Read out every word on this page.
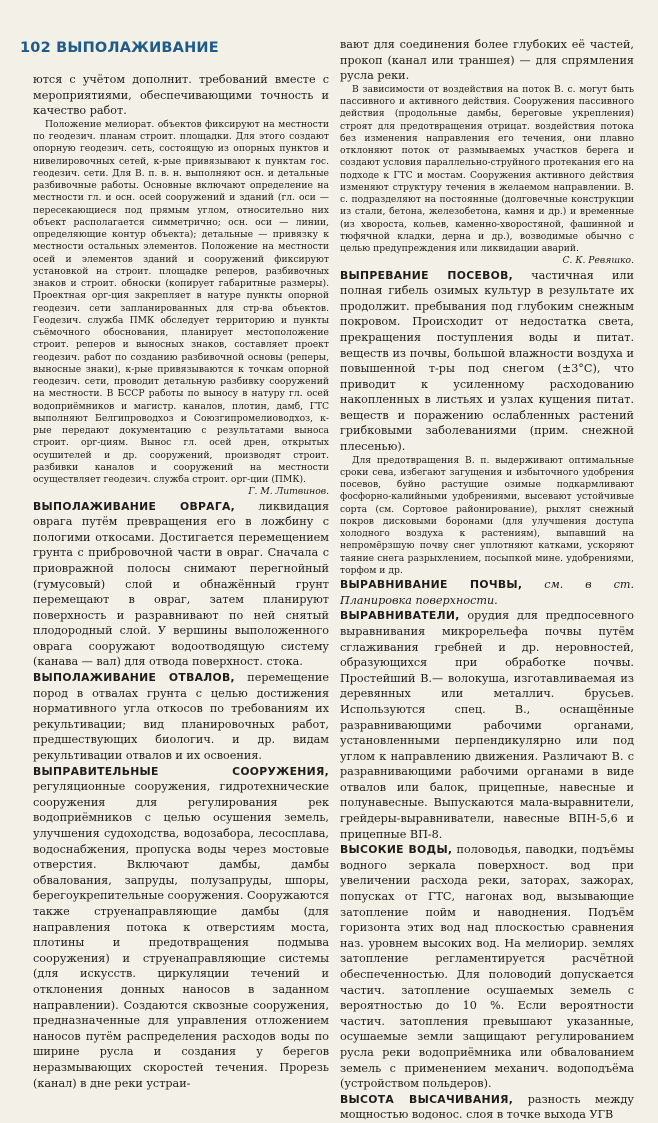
102 ВЫПОЛАЖИВАНИЕ

ются с учётом дополнит. требований вместе с мероприятиями, обеспечивающими точность и качество работ.

Положение мелиорат. объектов фиксируют на местности по геодезич. планам строит. площадки. Для этого создают опорную геодезич. сеть, состоящую из опорных пунктов и нивелировочных сетей, к-рые привязывают к пунктам гос. геодезич. сети. Для В. п. в. н. выполняют осн. и детальные разбивочные работы. Основные включают определение на местности гл. и осн. осей сооружений и зданий (гл. оси — пересекающиеся под прямым углом, относительно них объект располагается симметрично; осн. оси — линии, определяющие контур объекта); детальные — привязку к местности остальных элементов. Положение на местности осей и элементов зданий и сооружений фиксируют установкой на строит. площадке реперов, разбивочных знаков и строит. обноски (копирует габаритные размеры). Проектная орг-ция закрепляет в натуре пункты опорной геодезич. сети запланированных для стр-ва объектов. Геодезич. служба ПМК обследует территорию и пункты съёмочного обоснования, планирует местоположение строит. реперов и выносных знаков, составляет проект геодезич. работ по созданию разбивочной основы (реперы, выносные знаки), к-рые привязываются к точкам опорной геодезич. сети, проводит детальную разбивку сооружений на местности. В БССР работы по выносу в натуру гл. осей водоприёмников и магистр. каналов, плотин, дамб, ГТС выполняют Белгипроводхоз и Союзгипромелиоводхоз, к-рые передают документацию с результатами выноса строит. орг-циям. Вынос гл. осей дрен, открытых осушителей и др. сооружений, производят строит. разбивки каналов и сооружений на местности осуществляет геодезич. служба строит. орг-ции (ПМК).

Г. М. Литвинов.

ВЫПОЛАЖИВАНИЕ ОВРАГА, ликвидация оврага путём превращения его в ложбину с пологими откосами. Достигается перемещением грунта с прибровочной части в овраг. Сначала с приовражной полосы снимают перегнойный (гумусовый) слой и обнажённый грунт перемещают в овраг, затем планируют поверхность и разравнивают по ней снятый плодородный слой. У вершины выположенного оврага сооружают водоотводящую систему (канава — вал) для отвода поверхност. стока.

ВЫПОЛАЖИВАНИЕ ОТВАЛОВ, перемещение пород в отвалах грунта с целью достижения нормативного угла откосов по требованиям их рекультивации; вид планировочных работ, предшествующих биологич. и др. видам рекультивации отвалов и их освоения.

ВЫПРАВИТЕЛЬНЫЕ СООРУЖЕНИЯ, регуляционные сооружения, гидротехнические сооружения для регулирования рек водоприёмников с целью осушения земель, улучшения судоходства, водозабора, лесосплава, водоснабжения, пропуска воды через мостовые отверстия. Включают дамбы, дамбы обвалования, запруды, полузапруды, шпоры, берегоукрепительные сооружения. Сооружаются также струенаправляющие дамбы (для направления потока к отверстиям моста, плотины и предотвращения подмыва сооружения) и струенаправляющие системы (для искусств. циркуляции течений и отклонения донных наносов в заданном направлении). Создаются сквозные сооружения, предназначенные для управления отложением наносов путём распределения расходов воды по ширине русла и создания у берегов неразмывающих скоростей течения. Прорезь (канал) в дне реки устраи-

вают для соединения более глубоких её частей, прокоп (канал или траншея) — для спрямления русла реки.

В зависимости от воздействия на поток В. с. могут быть пассивного и активного действия. Сооружения пассивного действия (продольные дамбы, береговые укрепления) строят для предотвращения отрицат. воздействия потока без изменения направления его течения, они плавно отклоняют поток от размываемых участков берега и создают условия параллельно-струйного протекания его на подходе к ГТС и мостам. Сооружения активного действия изменяют структуру течения в желаемом направлении. В. с. подразделяют на постоянные (долговечные конструкции из стали, бетона, железобетона, камня и др.) и временные (из хвороста, кольев, каменно-хворостяной, фашинной и тюфячной кладки, дерна и др.), возводимые обычно с целью предупреждения или ликвидации аварий.

С. К. Ревяшко.

ВЫПРЕВАНИЕ ПОСЕВОВ, частичная или полная гибель озимых культур в результате их продолжит. пребывания под глубоким снежным покровом. Происходит от недостатка света, прекращения поступления воды и питат. веществ из почвы, большой влажности воздуха и повышенной т-ры под снегом (±3°С), что приводит к усиленному расходованию накопленных в листьях и узлах кущения питат. веществ и поражению ослабленных растений грибковыми заболеваниями (прим. снежной плесенью).

Для предотвращения В. п. выдерживают оптимальные сроки сева, избегают загущения и избыточного удобрения посевов, буйно растущие озимые подкармливают фосфорно-калийными удобрениями, высевают устойчивые сорта (см. Сортовое районирование), рыхлят снежный покров дисковыми боронами (для улучшения доступа холодного воздуха к растениям), выпавший на непромёрзшую почву снег уплотняют катками, ускоряют таяние снега разрыхлением, посыпкой мине. удобрениями, торфом и др.

ВЫРАВНИВАНИЕ ПОЧВЫ, см. в ст. Планировка поверхности.

ВЫРАВНИВАТЕЛИ, орудия для предпосевного выравнивания микрорельефа почвы путём сглаживания гребней и др. неровностей, образующихся при обработке почвы. Простейший В.— волокуша, изготавливаемая из деревянных или металлич. брусьев. Используются спец. В., оснащённые разравнивающими рабочими органами, установленными перпендикулярно или под углом к направлению движения. Различают В. с разравнивающими рабочими органами в виде отвалов или балок, прицепные, навесные и полунавесные. Выпускаются мала-выравнители, грейдеры-выравниватели, навесные ВПН-5,6 и прицепные ВП-8.

ВЫСОКИЕ ВОДЫ, половодья, паводки, подъёмы водного зеркала поверхност. вод при увеличении расхода реки, заторах, зажорах, попусках от ГТС, нагонах вод, вызывающие затопление пойм и наводнения. Подъём горизонта этих вод над плоскостью сравнения наз. уровнем высоких вод. На мелиорир. землях затопление регламентируется расчётной обеспеченностью. Для половодий допускается частич. затопление осушаемых земель с вероятностью до 10 %. Если вероятности частич. затопления превышают указанные, осушаемые земли защищают регулированием русла реки водоприёмника или обвалованием земель с применением механич. водоподъёма (устройством польдеров).

ВЫСОТА ВЫСАЧИВАНИЯ, разность между мощностью водонос. слоя в точке выхода УГВ
